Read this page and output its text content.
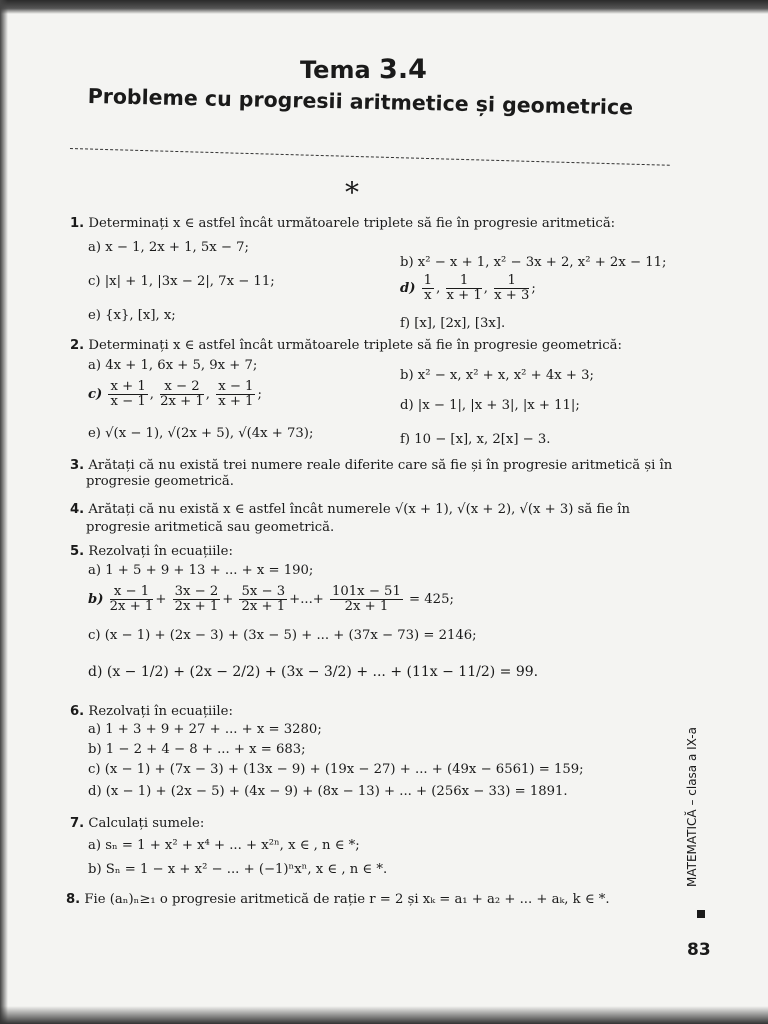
Tema 3.4
Probleme cu progresii aritmetice și geometrice
*
1. Determinați x ∈ astfel încât următoarele triplete să fie în progresie aritmetică:
a) x − 1, 2x + 1, 5x − 7;
b) x² − x + 1, x² − 3x + 2, x² + 2x − 11;
c) |x| + 1, |3x − 2|, 7x − 11;	$d) \frac{1}{x}$ , $\frac{1}{x + 1}$ , $\frac{1}{x + 3}$ ;
e) {x}, [x], x;
f) [x], [2x], [3x].
2. Determinați x ∈ astfel încât următoarele triplete să fie în progresie geometrică:
a) 4x + 1, 6x + 5, 9x + 7;
b) x² − x, x² + x, x² + 4x + 3;
$c) \frac{x + 1}{x - 1}$ , $\frac{x - 2}{2x + 1}$ , $\frac{x - 1}{x + 1}$ ;
d) |x − 1|, |x + 3|, |x + 11|;
e) √(x − 1), √(2x + 5), √(4x + 73);	f) 10 − [x], x, 2[x] − 3.
3. Arătați că nu există trei numere reale diferite care să fie și în progresie aritmetică și în
progresie geometrică.
4. Arătați că nu există x ∈ astfel încât numerele √(x + 1), √(x + 2), √(x + 3) să fie în
progresie aritmetică sau geometrică.
5. Rezolvați în ecuațiile:
a) 1 + 5 + 9 + 13 + ... + x = 190;
$b) \frac{x - 1}{2x + 1} + \frac{3x - 2}{2x + 1} + \frac{5x - 3}{2x + 1}$ +...+ $\frac{101x - 51}{2x + 1} = 425$;
c) (x − 1) + (2x − 3) + (3x − 5) + ... + (37x − 73) = 2146;
d) (x − 1/2) + (2x − 2/2) + (3x − 3/2) + ... + (11x − 11/2) = 99.
6. Rezolvați în ecuațiile:
a) 1 + 3 + 9 + 27 + ... + x = 3280;
b) 1 − 2 + 4 − 8 + ... + x = 683;
c) (x − 1) + (7x − 3) + (13x − 9) + (19x − 27) + ... + (49x − 6561) = 159;
d) (x − 1) + (2x − 5) + (4x − 9) + (8x − 13) + ... + (256x − 33) = 1891.
7. Calculați sumele:
a) sₙ = 1 + x² + x⁴ + ... + x²ⁿ, x ∈ , n ∈ *;
b) Sₙ = 1 − x + x² − ... + (−1)ⁿxⁿ, x ∈ , n ∈ *.
8. Fie (aₙ)ₙ≥₁ o progresie aritmetică de rație r = 2 și xₖ = a₁ + a₂ + ... + aₖ, k ∈ *.
MATEMATICĂ – clasa a IX-a
83
